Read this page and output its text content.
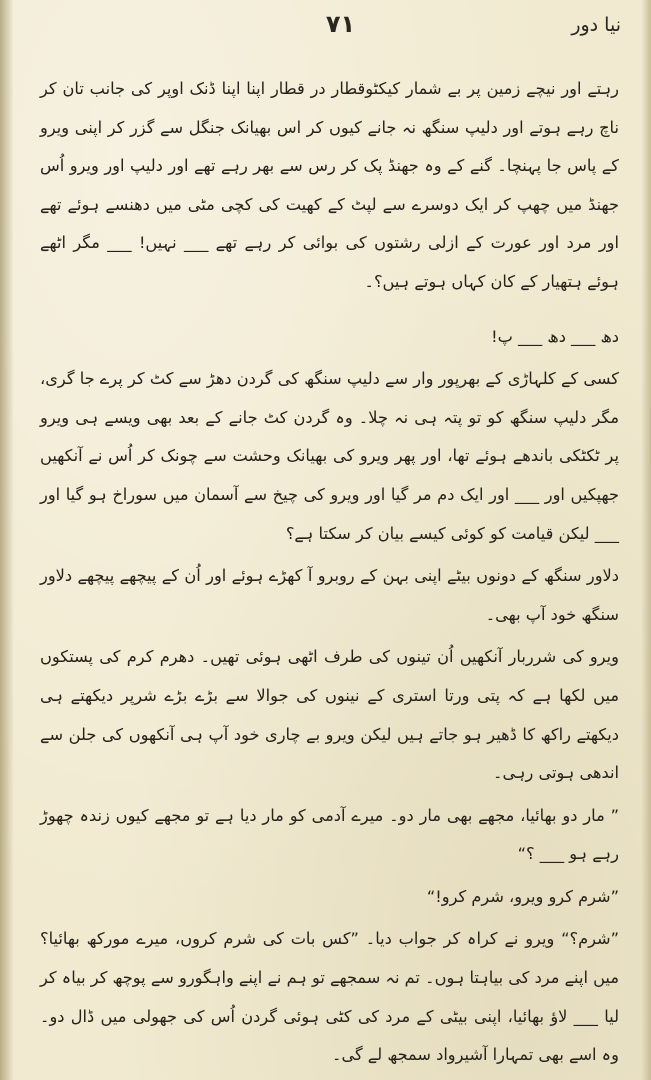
نیا دور
۷۱

رہتے اور نیچے زمین پر بے شمار کیکٹوقطار در قطار اپنا اپنا ڈنک اوپر کی جانب تان کر ناچ رہے ہوتے اور دلیپ سنگھ نہ جانے کیوں کر اس بھیانک جنگل سے گزر کر اپنی ویرو کے پاس جا پہنچا۔ گنے کے وہ جھنڈ پک کر رس سے بھر رہے تھے اور دلیپ اور ویرو اُس جھنڈ میں چھپ کر ایک دوسرے سے لپٹ کے کھیت کی کچی مٹی میں دھنسے ہوئے تھے اور مرد اور عورت کے ازلی رشتوں کی بوائی کر رہے تھے ___ نہیں! ___ مگر اٹھے ہوئے ہتھیار کے کان کہاں ہوتے ہیں؟۔

دھ ___ دھ ___ پ!

کسی کے کلہاڑی کے بھرپور وار سے دلیپ سنگھ کی گردن دھڑ سے کٹ کر پرے جا گری، مگر دلیپ سنگھ کو تو پتہ ہی نہ چلا۔ وہ گردن کٹ جانے کے بعد بھی ویسے ہی ویرو پر ٹکٹکی باندھے ہوئے تھا، اور پھر ویرو کی بھیانک وحشت سے چونک کر اُس نے آنکھیں جھپکیں اور ___ اور ایک دم مر گیا اور ویرو کی چیخ سے آسمان میں سوراخ ہو گیا اور ___ لیکن قیامت کو کوئی کیسے بیان کر سکتا ہے؟

دلاور سنگھ کے دونوں بیٹے اپنی بہن کے روبرو آ کھڑے ہوئے اور اُن کے پیچھے پیچھے دلاور سنگھ خود آپ بھی۔

ویرو کی شرربار آنکھیں اُن تینوں کی طرف اٹھی ہوئی تھیں۔ دھرم کرم کی پستکوں میں لکھا ہے کہ پتی ورتا استری کے نینوں کی جوالا سے بڑے بڑے شرپر دیکھتے ہی دیکھتے راکھ کا ڈھیر ہو جاتے ہیں لیکن ویرو بے چاری خود آپ ہی آنکھوں کی جلن سے اندھی ہوتی رہی۔

” مار دو بھائیا، مجھے بھی مار دو۔ میرے آدمی کو مار دیا ہے تو مجھے کیوں زندہ چھوڑ رہے ہو ___ ؟“

”شرم کرو ویرو، شرم کرو!“

”شرم؟“ ویرو نے کراہ کر جواب دیا۔ ”کس بات کی شرم کروں، میرے مورکھ بھائیا؟ میں اپنے مرد کی بیاہتا ہوں۔ تم نہ سمجھے تو ہم نے اپنے واہگورو سے پوچھ کر بیاہ کر لیا ___ لاؤ بھائیا، اپنی بیٹی کے مرد کی کٹی ہوئی گردن اُس کی جھولی میں ڈال دو۔ وہ اسے بھی تمہارا آشیرواد سمجھ لے گی۔
